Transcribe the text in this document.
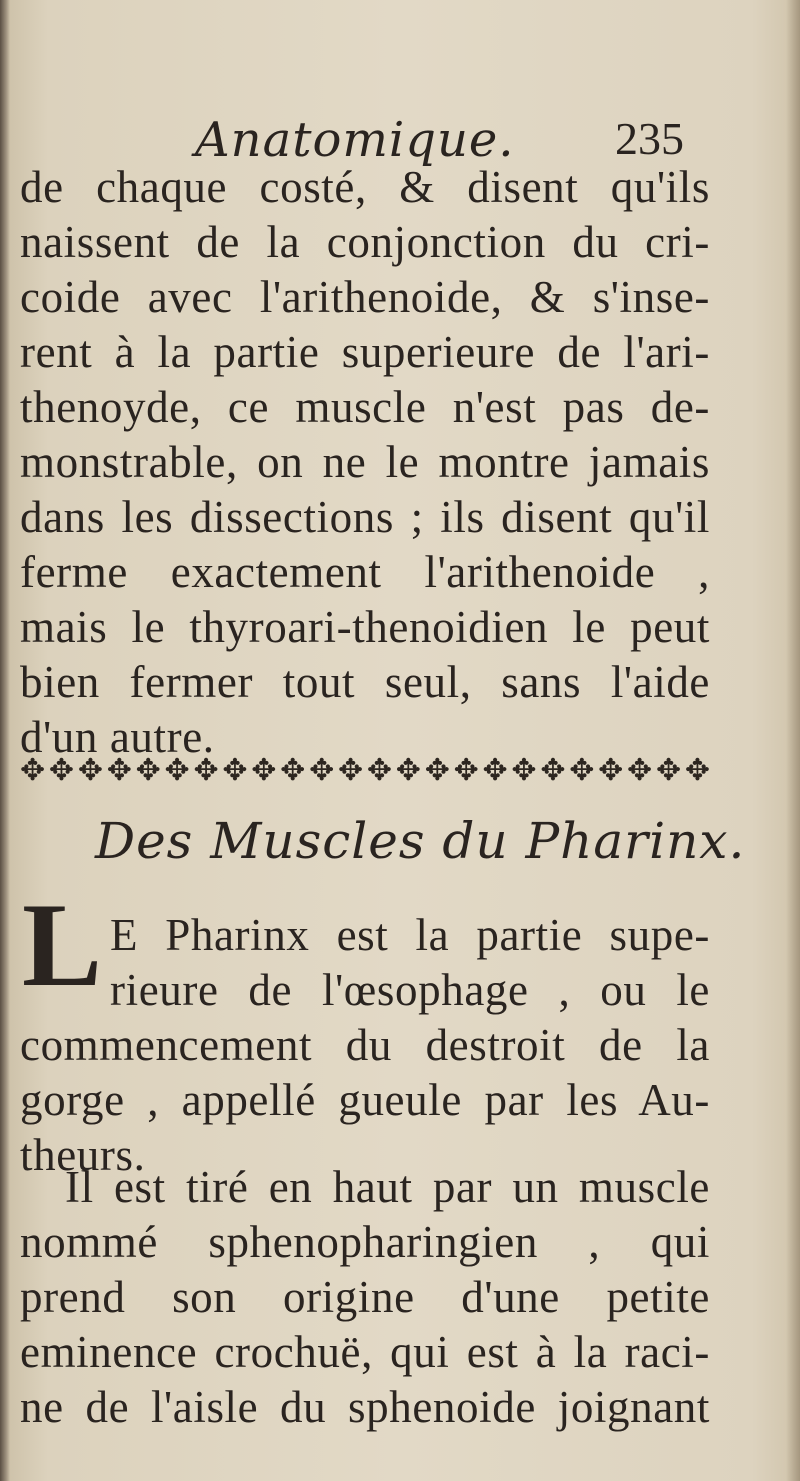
Anatomique. 235
de chaque costé, & disent qu'ils
naissent de la conjonction du cri-
coide avec l'arithenoide, & s'inse-
rent à la partie superieure de l'ari-
thenoyde, ce muscle n'est pas de-
monstrable, on ne le montre jamais
dans les dissections ; ils disent qu'il
ferme exactement l'arithenoide ,
mais le thyroari-thenoidien le peut
bien fermer tout seul, sans l'aide
d'un autre.
✥ ✥ ✥ ✥ ✥ ✥ ✥ ✥ ✥ ✥ ✥ ✥ ✥ ✥ ✥ ✥ ✥ ✥ ✥ ✥ ✥ ✥ ✥ ✥
Des Muscles du Pharinx.
L E Pharinx est la partie supe-
rieure de l'œsophage , ou le
commencement du destroit de la
gorge , appellé gueule par les Au-
theurs.
Il est tiré en haut par un muscle
nommé sphenopharingien , qui
prend son origine d'une petite
eminence crochuë, qui est à la raci-
ne de l'aisle du sphenoide joignant
